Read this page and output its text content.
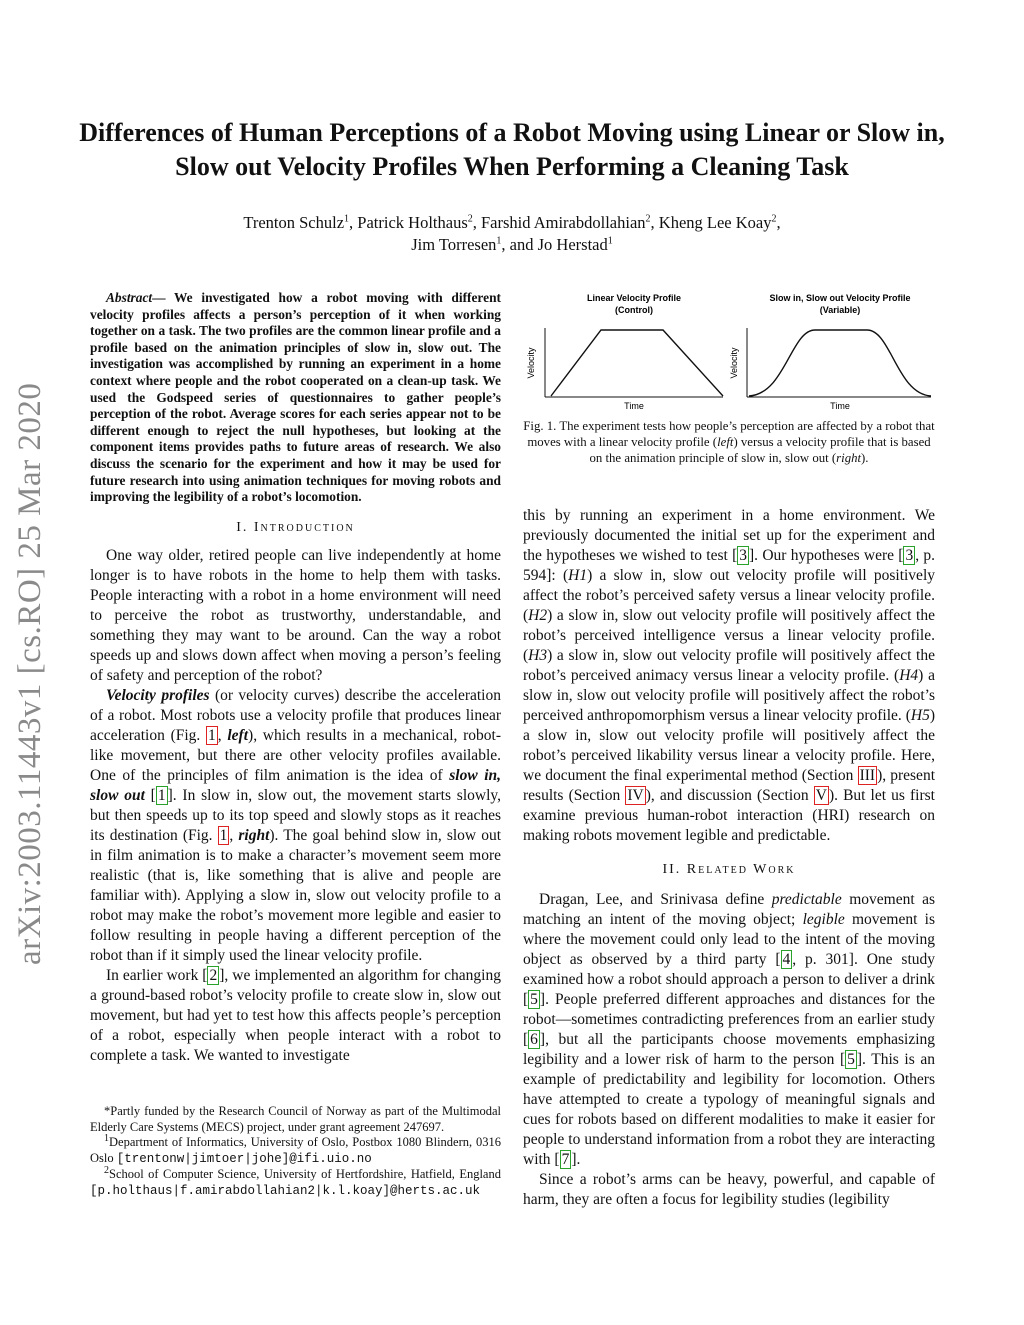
arXiv:2003.11443v1 [cs.RO] 25 Mar 2020
Differences of Human Perceptions of a Robot Moving using Linear or Slow in, Slow out Velocity Profiles When Performing a Cleaning Task
Trenton Schulz$^1$, Patrick Holthaus$^2$, Farshid Amirabdollahian$^2$, Kheng Lee Koay$^2$,
Jim Torresen$^1$, and Jo Herstad$^1$

Abstract— We investigated how a robot moving with different velocity profiles affects a person’s perception of it when working together on a task. The two profiles are the common linear profile and a profile based on the animation principles of slow in, slow out. The investigation was accomplished by running an experiment in a home context where people and the robot cooperated on a clean-up task. We used the Godspeed series of questionnaires to gather people’s perception of the robot. Average scores for each series appear not to be different enough to reject the null hypotheses, but looking at the component items provides paths to future areas of research. We also discuss the scenario for the experiment and how it may be used for future research into using animation techniques for moving robots and improving the legibility of a robot’s locomotion.

I. Introduction

One way older, retired people can live independently at home longer is to have robots in the home to help them with tasks. People interacting with a robot in a home environment will need to perceive the robot as trustworthy, understandable, and something they may want to be around. Can the way a robot speeds up and slows down affect when moving a person’s feeling of safety and perception of the robot?

Velocity profiles (or velocity curves) describe the acceleration of a robot. Most robots use a velocity profile that produces linear acceleration (Fig. 1 , left), which results in a mechanical, robot-like movement, but there are other velocity profiles available. One of the principles of film animation is the idea of slow in, slow out [ 1 ]. In slow in, slow out, the movement starts slowly, but then speeds up to its top speed and slowly stops as it reaches its destination (Fig. 1 , right). The goal behind slow in, slow out in film animation is to make a character’s movement seem more realistic (that is, like something that is alive and people are familiar with). Applying a slow in, slow out velocity profile to a robot may make the robot’s movement more legible and easier to follow resulting in people having a different perception of the robot than if it simply used the linear velocity profile.

In earlier work [ 2 ], we implemented an algorithm for changing a ground-based robot’s velocity profile to create slow in, slow out movement, but had yet to test how this affects people’s perception of a robot, especially when people interact with a robot to complete a task. We wanted to investigate

*Partly funded by the Research Council of Norway as part of the Multimodal Elderly Care Systems (MECS) project, under grant agreement 247697.

$^1$Department of Informatics, University of Oslo, Postbox 1080 Blindern, 0316 Oslo [trentonw|jimtoer|johe]@ifi.uio.no

$^2$School of Computer Science, University of Hertfordshire, Hatfield, England [p.holthaus|f.amirabdollahian2|k.l.koay]@herts.ac.uk

Linear Velocity Profile
(Control)
Velocity
Time
Slow in, Slow out Velocity Profile
(Variable)
Velocity
Time
Fig. 1. The experiment tests how people’s perception are affected by a robot that moves with a linear velocity profile (left) versus a velocity profile that is based on the animation principle of slow in, slow out (right).

this by running an experiment in a home environment. We previously documented the initial set up for the experiment and the hypotheses we wished to test [ 3 ]. Our hypotheses were [ 3 , p. 594]: (H1) a slow in, slow out velocity profile will positively affect the robot’s perceived safety versus a linear velocity profile. (H2) a slow in, slow out velocity profile will positively affect the robot’s perceived intelligence versus a linear velocity profile. (H3) a slow in, slow out velocity profile will positively affect the robot’s perceived animacy versus linear a velocity profile. (H4) a slow in, slow out velocity profile will positively affect the robot’s perceived anthropomorphism versus a linear velocity profile. (H5) a slow in, slow out velocity profile will positively affect the robot’s perceived likability versus linear a velocity profile. Here, we document the final experimental method (Section III ), present results (Section IV ), and discussion (Section V ). But let us first examine previous human-robot interaction (HRI) research on making robots movement legible and predictable.

II. Related Work

Dragan, Lee, and Srinivasa define predictable movement as matching an intent of the moving object; legible movement is where the movement could only lead to the intent of the moving object as observed by a third party [ 4 , p. 301]. One study examined how a robot should approach a person to deliver a drink [ 5 ]. People preferred different approaches and distances for the robot—sometimes contradicting preferences from an earlier study [ 6 ], but all the participants choose movements emphasizing legibility and a lower risk of harm to the person [ 5 ]. This is an example of predictability and legibility for locomotion. Others have attempted to create a typology of meaningful signals and cues for robots based on different modalities to make it easier for people to understand information from a robot they are interacting with [ 7 ].

Since a robot’s arms can be heavy, powerful, and capable of harm, they are often a focus for legibility studies (legibility
